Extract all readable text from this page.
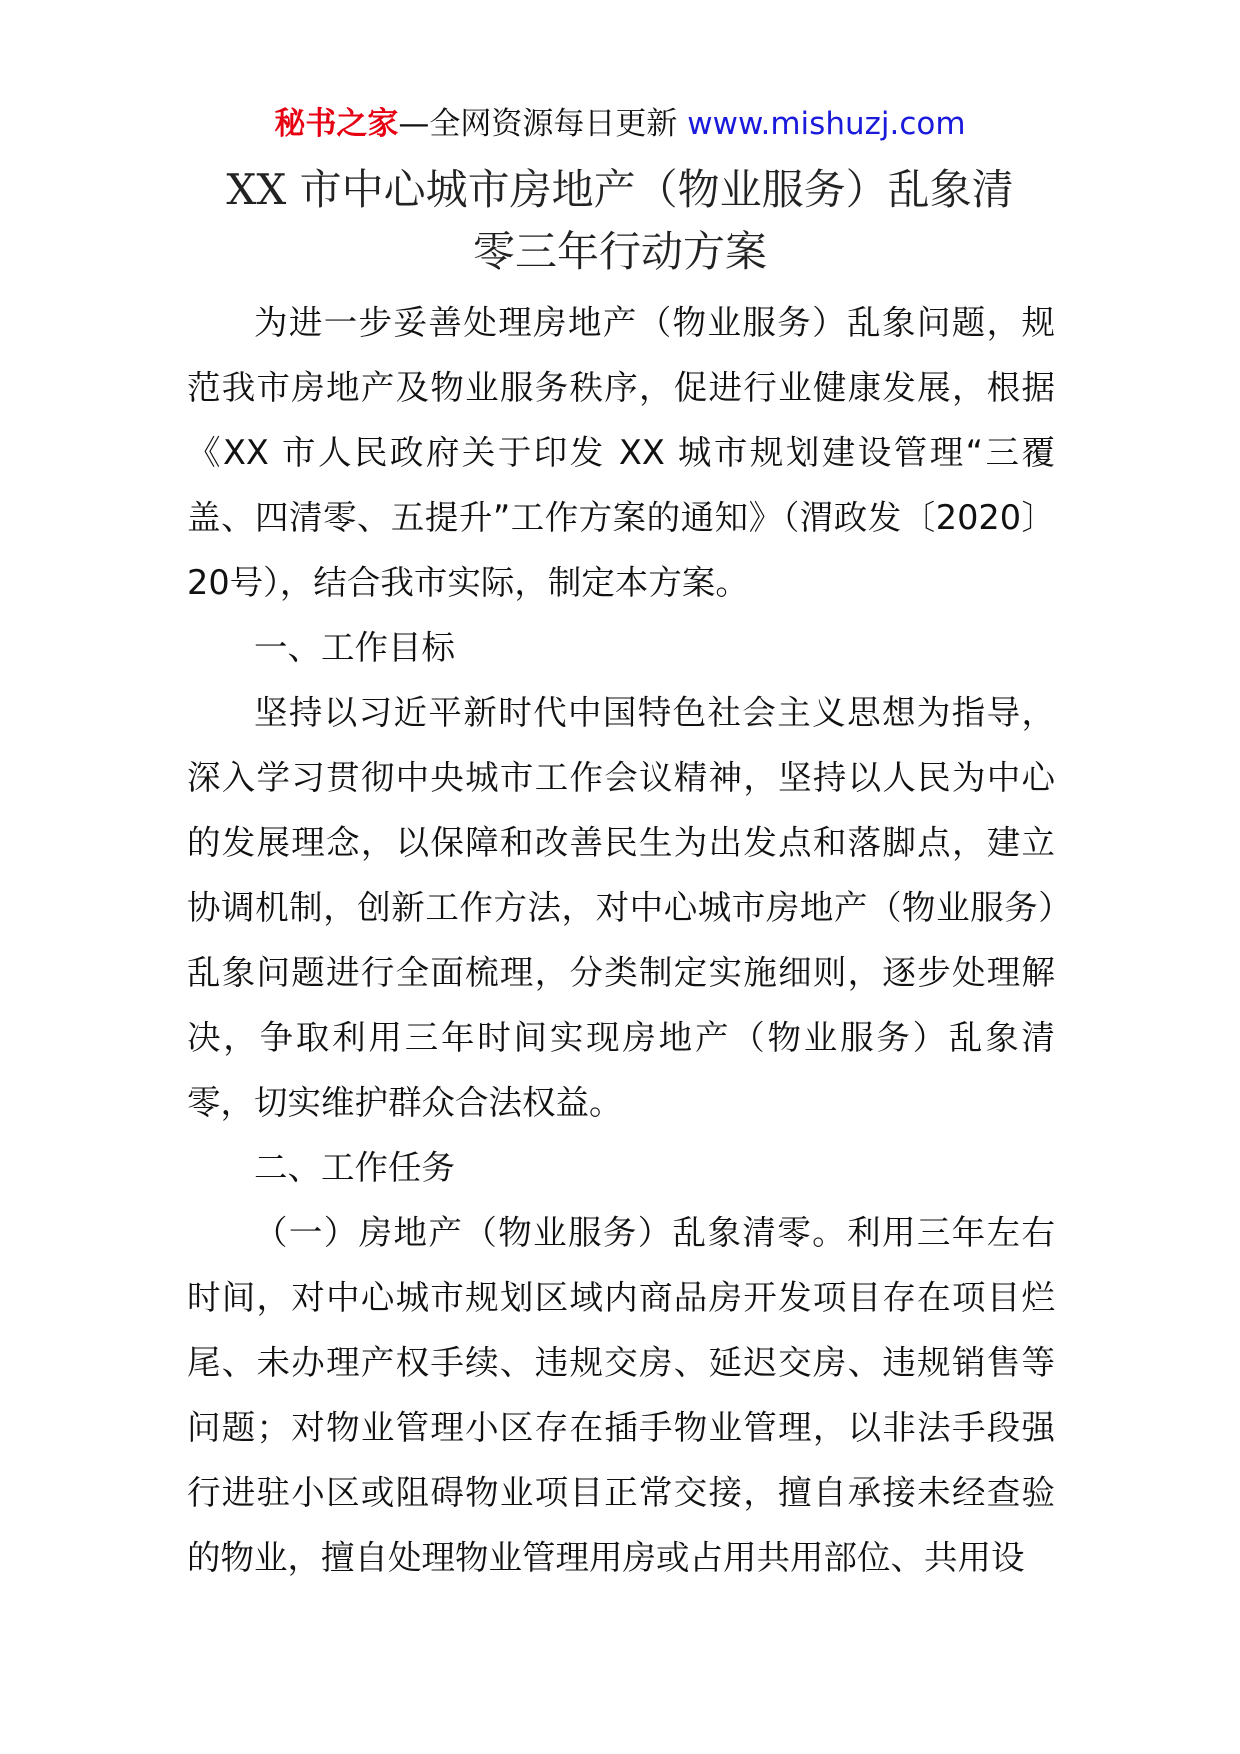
秘书之家—全网资源每日更新 www.mishuzj.com
XX 市中心城市房地产（物业服务）乱象清
零三年行动方案

为进一步妥善处理房地产（物业服务）乱象问题，规范我市房地产及物业服务秩序，促进行业健康发展，根据《XX 市人民政府关于印发 XX 城市规划建设管理“三覆盖、四清零、五提升”工作方案的通知》（渭政发〔2020〕20号），结合我市实际，制定本方案。

一、工作目标

坚持以习近平新时代中国特色社会主义思想为指导，深入学习贯彻中央城市工作会议精神，坚持以人民为中心的发展理念，以保障和改善民生为出发点和落脚点，建立协调机制，创新工作方法，对中心城市房地产（物业服务）乱象问题进行全面梳理，分类制定实施细则，逐步处理解决，争取利用三年时间实现房地产（物业服务）乱象清零，切实维护群众合法权益。

二、工作任务

（一）房地产（物业服务）乱象清零。利用三年左右时间，对中心城市规划区域内商品房开发项目存在项目烂尾、未办理产权手续、违规交房、延迟交房、违规销售等问题；对物业管理小区存在插手物业管理，以非法手段强行进驻小区或阻碍物业项目正常交接，擅自承接未经查验的物业，擅自处理物业管理用房或占用共用部位、共用设
